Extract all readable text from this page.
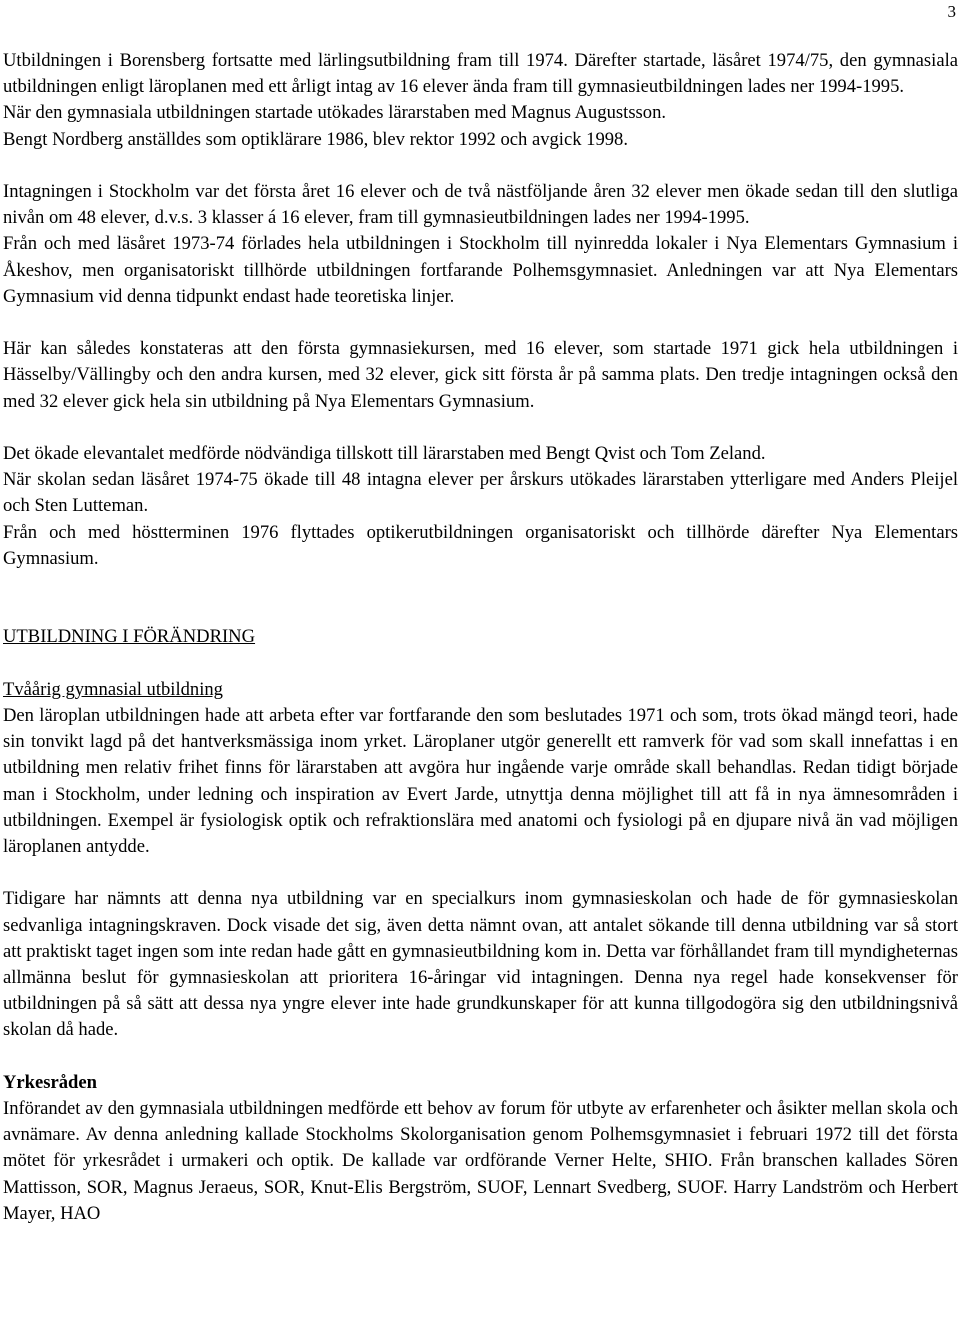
3

Utbildningen i Borensberg fortsatte med lärlingsutbildning fram till 1974. Därefter startade, läsåret 1974/75, den gymnasiala utbildningen enligt läroplanen med ett årligt intag av 16 elever ända fram till gymnasieutbildningen lades ner 1994-1995.

När den gymnasiala utbildningen startade utökades lärarstaben med Magnus Augustsson.

Bengt Nordberg anställdes som optiklärare 1986, blev rektor 1992 och avgick 1998.

Intagningen i Stockholm var det första året 16 elever och de två nästföljande åren 32 elever men ökade sedan till den slutliga nivån om 48 elever, d.v.s. 3 klasser á 16 elever, fram till gymnasieutbildningen lades ner 1994-1995.

Från och med läsåret 1973-74 förlades hela utbildningen i Stockholm till nyinredda lokaler i Nya Elementars Gymnasium i Åkeshov, men organisatoriskt tillhörde utbildningen fortfarande Polhemsgymnasiet. Anledningen var att Nya Elementars Gymnasium vid denna tidpunkt endast hade teoretiska linjer.

Här kan således konstateras att den första gymnasiekursen, med 16 elever, som startade 1971 gick hela utbildningen i Hässelby/Vällingby och den andra kursen, med 32 elever, gick sitt första år på samma plats. Den tredje intagningen också den med 32 elever gick hela sin utbildning på Nya Elementars Gymnasium.

Det ökade elevantalet medförde nödvändiga tillskott till lärarstaben med Bengt Qvist och Tom Zeland.

När skolan sedan läsåret 1974-75 ökade till 48 intagna elever per årskurs utökades lärarstaben ytterligare med Anders Pleijel och Sten Lutteman.

Från och med höstterminen 1976 flyttades optikerutbildningen organisatoriskt och tillhörde därefter Nya Elementars Gymnasium.

UTBILDNING I FÖRÄNDRING

Tvåårig gymnasial utbildning

Den läroplan utbildningen hade att arbeta efter var fortfarande den som beslutades 1971 och som, trots ökad mängd teori, hade sin tonvikt lagd på det hantverksmässiga inom yrket. Läroplaner utgör generellt ett ramverk för vad som skall innefattas i en utbildning men relativ frihet finns för lärarstaben att avgöra hur ingående varje område skall behandlas. Redan tidigt började man i Stockholm, under ledning och inspiration av Evert Jarde, utnyttja denna möjlighet till att få in nya ämnesområden i utbildningen. Exempel är fysiologisk optik och refraktionslära med anatomi och fysiologi på en djupare nivå än vad möjligen läroplanen antydde.

Tidigare har nämnts att denna nya utbildning var en specialkurs inom gymnasieskolan och hade de för gymnasieskolan sedvanliga intagningskraven. Dock visade det sig, även detta nämnt ovan, att antalet sökande till denna utbildning var så stort att praktiskt taget ingen som inte redan hade gått en gymnasieutbildning kom in. Detta var förhållandet fram till myndigheternas allmänna beslut för gymnasieskolan att prioritera 16-åringar vid intagningen. Denna nya regel hade konsekvenser för utbildningen på så sätt att dessa nya yngre elever inte hade grundkunskaper för att kunna tillgodogöra sig den utbildningsnivå skolan då hade.

Yrkesråden

Införandet av den gymnasiala utbildningen medförde ett behov av forum för utbyte av erfarenheter och åsikter mellan skola och avnämare. Av denna anledning kallade Stockholms Skolorganisation genom Polhemsgymnasiet i februari 1972 till det första mötet för yrkesrådet i urmakeri och optik. De kallade var ordförande Verner Helte, SHIO. Från branschen kallades Sören Mattisson, SOR, Magnus Jeraeus, SOR, Knut-Elis Bergström, SUOF, Lennart Svedberg, SUOF. Harry Landström och Herbert Mayer, HAO
